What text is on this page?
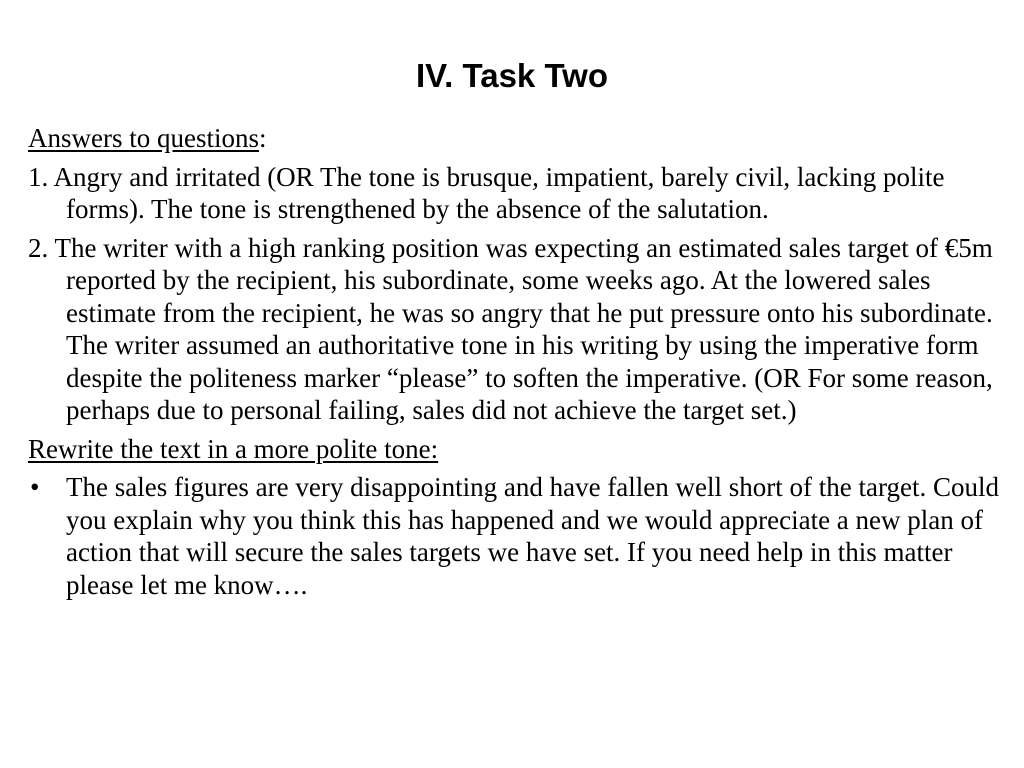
IV. Task Two

Answers to questions:

1. Angry and irritated (OR The tone is brusque, impatient, barely civil, lacking polite forms). The tone is strengthened by the absence of the salutation.

2. The writer with a high ranking position was expecting an estimated sales target of €5m reported by the recipient, his subordinate, some weeks ago. At the lowered sales estimate from the recipient, he was so angry that he put pressure onto his subordinate. The writer assumed an authoritative tone in his writing by using the imperative form despite the politeness marker “please” to soften the imperative. (OR For some reason, perhaps due to personal failing, sales did not achieve the target set.)

Rewrite the text in a more polite tone:

• The sales figures are very disappointing and have fallen well short of the target. Could you explain why you think this has happened and we would appreciate a new plan of action that will secure the sales targets we have set. If you need help in this matter please let me know….
